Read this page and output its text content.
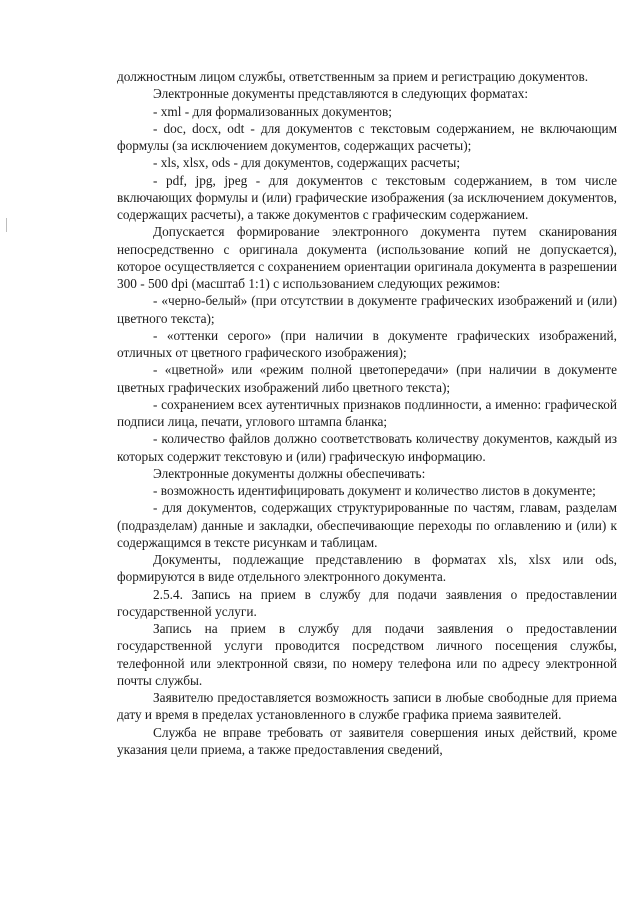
должностным лицом службы, ответственным за прием и регистрацию документов.

Электронные документы представляются в следующих форматах:

- xml - для формализованных документов;

- doc, docx, odt - для документов с текстовым содержанием, не включающим формулы (за исключением документов, содержащих расчеты);

- xls, xlsx, ods - для документов, содержащих расчеты;

- pdf, jpg, jpeg - для документов с текстовым содержанием, в том числе включающих формулы и (или) графические изображения (за исключением документов, содержащих расчеты), а также документов с графическим содержанием.

Допускается формирование электронного документа путем сканирования непосредственно с оригинала документа (использование копий не допускается), которое осуществляется с сохранением ориентации оригинала документа в разрешении 300 - 500 dpi (масштаб 1:1) с использованием следующих режимов:

- «черно-белый» (при отсутствии в документе графических изображений и (или) цветного текста);

- «оттенки серого» (при наличии в документе графических изображений, отличных от цветного графического изображения);

- «цветной» или «режим полной цветопередачи» (при наличии в документе цветных графических изображений либо цветного текста);

- сохранением всех аутентичных признаков подлинности, а именно: графической подписи лица, печати, углового штампа бланка;

- количество файлов должно соответствовать количеству документов, каждый из которых содержит текстовую и (или) графическую информацию.

Электронные документы должны обеспечивать:

- возможность идентифицировать документ и количество листов в документе;

- для документов, содержащих структурированные по частям, главам, разделам (подразделам) данные и закладки, обеспечивающие переходы по оглавлению и (или) к содержащимся в тексте рисункам и таблицам.

Документы, подлежащие представлению в форматах xls, xlsx или ods, формируются в виде отдельного электронного документа.

2.5.4. Запись на прием в службу для подачи заявления о предоставлении государственной услуги.

Запись на прием в службу для подачи заявления о предоставлении государственной услуги проводится посредством личного посещения службы, телефонной или электронной связи, по номеру телефона или по адресу электронной почты службы.

Заявителю предоставляется возможность записи в любые свободные для приема дату и время в пределах установленного в службе графика приема заявителей.

Служба не вправе требовать от заявителя совершения иных действий, кроме указания цели приема, а также предоставления сведений,
